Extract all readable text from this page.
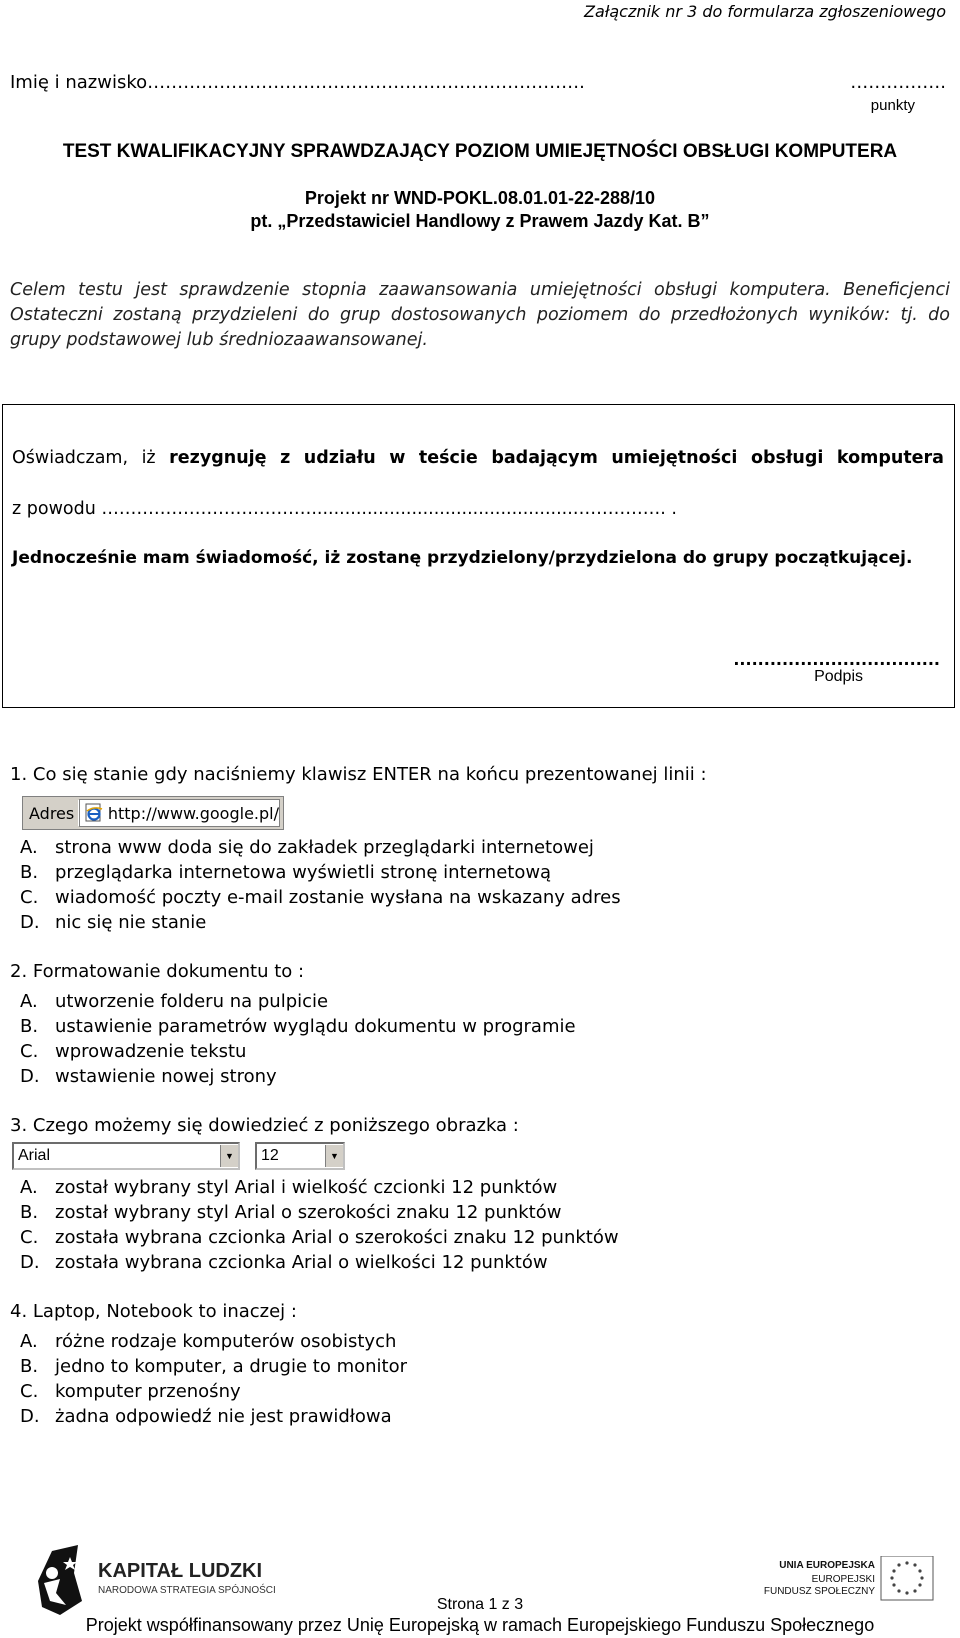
Załącznik nr 3 do formularza zgłoszeniowego
Imię i nazwisko……………………………………………………………….	…………….
punkty
TEST KWALIFIKACYJNY SPRAWDZAJĄCY POZIOM UMIEJĘTNOŚCI OBSŁUGI KOMPUTERA
Projekt nr WND-POKL.08.01.01-22-288/10
pt. „Przedstawiciel Handlowy z Prawem Jazdy Kat. B”
Celem testu jest sprawdzenie stopnia zaawansowania umiejętności obsługi komputera. Beneficjenci Ostateczni zostaną przydzieleni do grup dostosowanych poziomem do przedłożonych wyników: tj. do grupy podstawowej lub średniozaawansowanej.
Oświadczam, iż rezygnuję z udziału w teście badającym umiejętności obsługi komputera
z powodu ………………………………...............................................……………. .
Jednocześnie mam świadomość, iż zostanę przydzielony/przydzielona do grupy początkującej.
..................................
Podpis
1. Co się stanie gdy naciśniemy klawisz ENTER na końcu prezentowanej linii :
Adres http://www.google.pl/
A. strona www doda się do zakładek przeglądarki internetowej
B. przeglądarka internetowa wyświetli stronę internetową
C. wiadomość poczty e-mail zostanie wysłana na wskazany adres
D. nic się nie stanie
2. Formatowanie dokumentu to :
A. utworzenie folderu na pulpicie
B. ustawienie parametrów wyglądu dokumentu w programie
C. wprowadzenie tekstu
D. wstawienie nowej strony
3. Czego możemy się dowiedzieć z poniższego obrazka :
Arial	▼ 12	▼
A. został wybrany styl Arial i wielkość czcionki 12 punktów
B. został wybrany styl Arial o szerokości znaku 12 punktów
C. została wybrana czcionka Arial o szerokości znaku 12 punktów
D. została wybrana czcionka Arial o wielkości 12 punktów
4. Laptop, Notebook to inaczej :
A. różne rodzaje komputerów osobistych
B. jedno to komputer, a drugie to monitor
C. komputer przenośny
D. żadna odpowiedź nie jest prawidłowa
KAPITAŁ LUDZKI
NARODOWA STRATEGIA SPÓJNOŚCI
UNIA EUROPEJSKA
EUROPEJSKI
FUNDUSZ SPOŁECZNY
Strona 1 z 3
Projekt współfinansowany przez Unię Europejską w ramach Europejskiego Funduszu Społecznego
